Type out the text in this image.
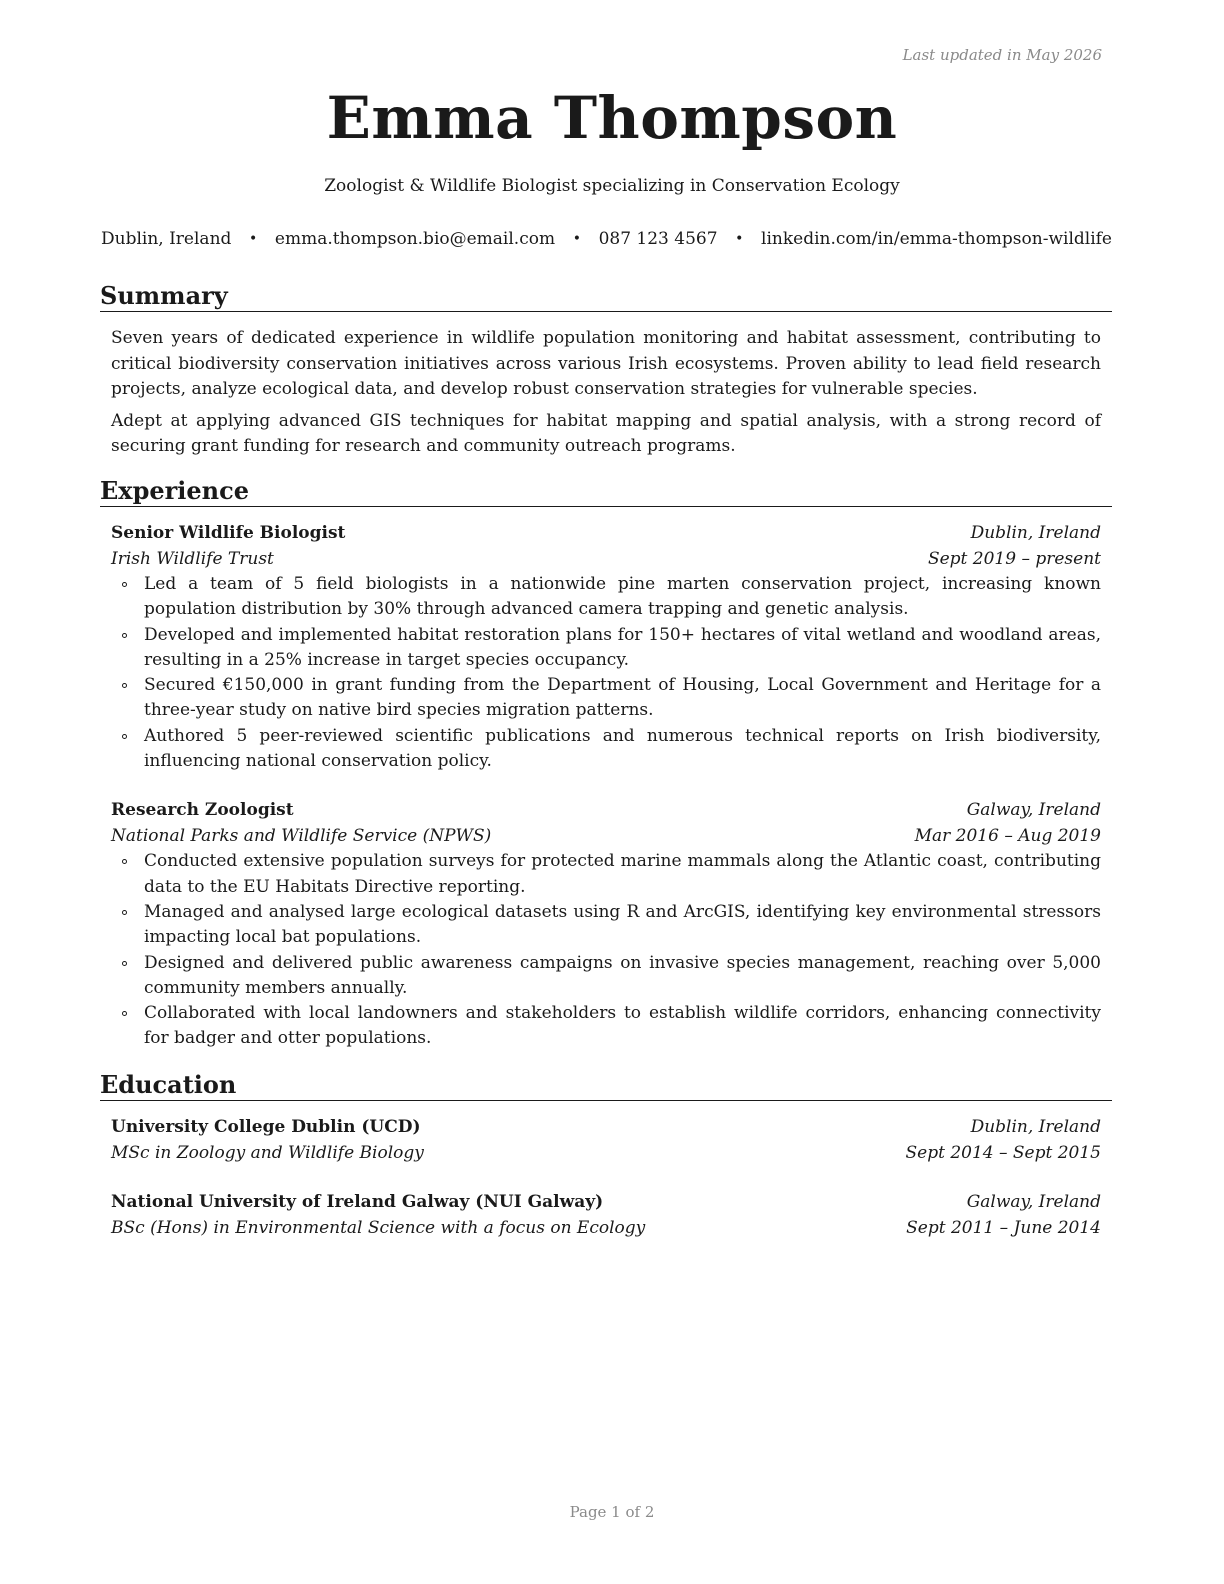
Last updated in May 2026
Emma Thompson
Zoologist & Wildlife Biologist specializing in Conservation Ecology
Dublin, Ireland • emma.thompson.bio@email.com • 087 123 4567 • linkedin.com/in/emma-thompson-wildlife
Summary

Seven years of dedicated experience in wildlife population monitoring and habitat assessment, contributing to critical biodiversity conservation initiatives across various Irish ecosystems. Proven ability to lead field research projects, analyze ecological data, and develop robust conservation strategies for vulnerable species.

Adept at applying advanced GIS techniques for habitat mapping and spatial analysis, with a strong record of securing grant funding for research and community outreach programs.

Experience
Senior Wildlife Biologist	Dublin, Ireland
Irish Wildlife Trust	Sept 2019 – present
Led a team of 5 field biologists in a nationwide pine marten conservation project, increasing known population distribution by 30% through advanced camera trapping and genetic analysis.
Developed and implemented habitat restoration plans for 150+ hectares of vital wetland and woodland areas, resulting in a 25% increase in target species occupancy.
Secured €150,000 in grant funding from the Department of Housing, Local Government and Heritage for a three-year study on native bird species migration patterns.
Authored 5 peer-reviewed scientific publications and numerous technical reports on Irish biodiversity, influencing national conservation policy.
Research Zoologist	Galway, Ireland
National Parks and Wildlife Service (NPWS)	Mar 2016 – Aug 2019
Conducted extensive population surveys for protected marine mammals along the Atlantic coast, contributing data to the EU Habitats Directive reporting.
Managed and analysed large ecological datasets using R and ArcGIS, identifying key environmental stressors impacting local bat populations.
Designed and delivered public awareness campaigns on invasive species management, reaching over 5,000 community members annually.
Collaborated with local landowners and stakeholders to establish wildlife corridors, enhancing connectivity for badger and otter populations.
Education
University College Dublin (UCD)	Dublin, Ireland
MSc in Zoology and Wildlife Biology	Sept 2014 – Sept 2015
National University of Ireland Galway (NUI Galway)	Galway, Ireland
BSc (Hons) in Environmental Science with a focus on Ecology	Sept 2011 – June 2014
Page 1 of 2
